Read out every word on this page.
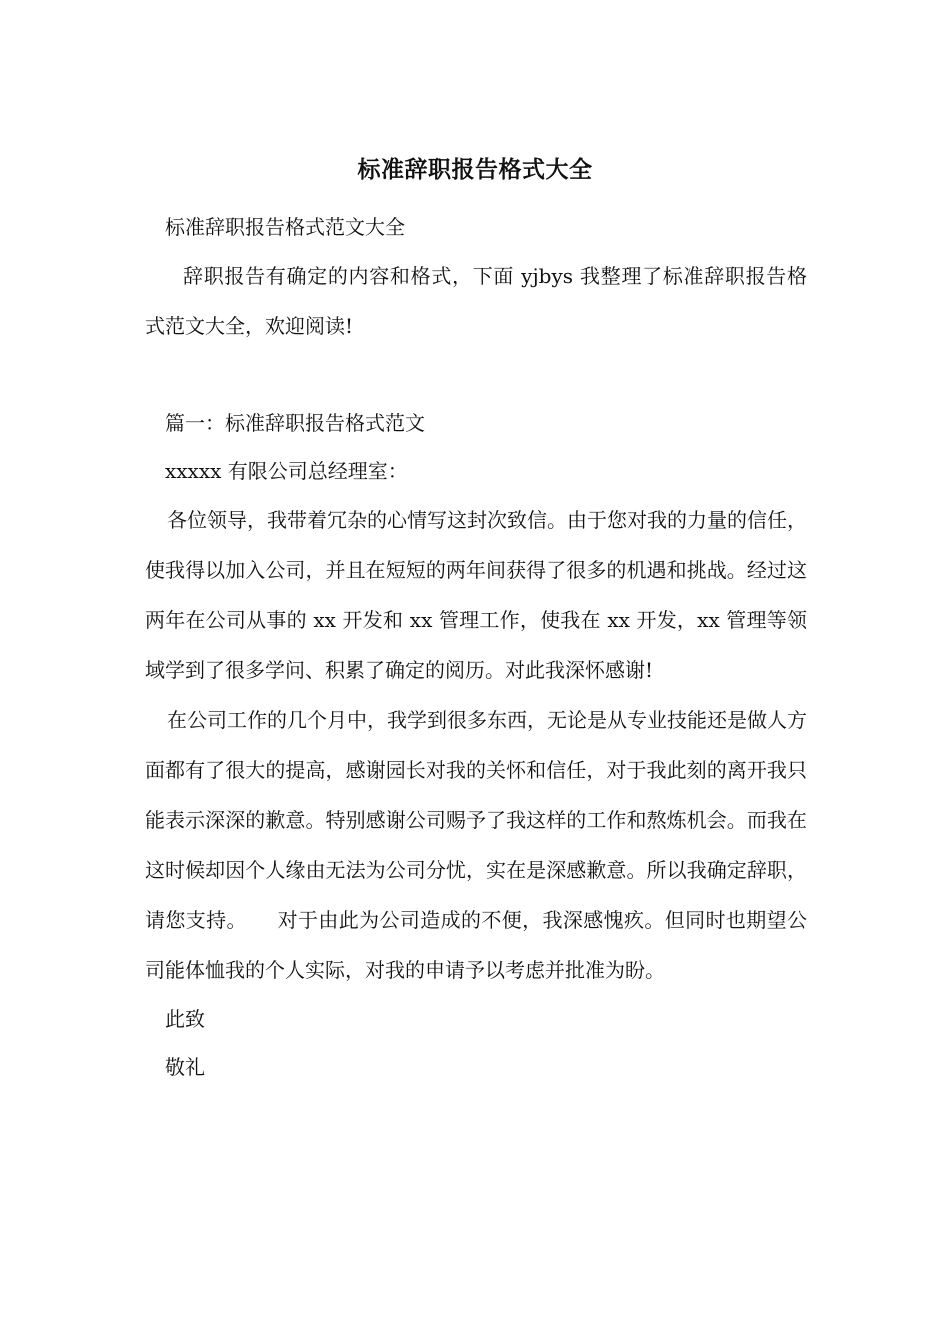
标准辞职报告格式大全
标准辞职报告格式范文大全

辞职报告有确定的内容和格式，下面 yjbys 我整理了标准辞职报告格式范文大全，欢迎阅读!

篇一：标准辞职报告格式范文
xxxxx 有限公司总经理室：

各位领导，我带着冗杂的心情写这封次致信。由于您对我的力量的信任，使我得以加入公司，并且在短短的两年间获得了很多的机遇和挑战。经过这两年在公司从事的 xx 开发和 xx 管理工作，使我在 xx 开发，xx 管理等领域学到了很多学问、积累了确定的阅历。对此我深怀感谢!

在公司工作的几个月中，我学到很多东西，无论是从专业技能还是做人方面都有了很大的提高，感谢园长对我的关怀和信任，对于我此刻的离开我只能表示深深的歉意。特别感谢公司赐予了我这样的工作和熬炼机会。而我在这时候却因个人缘由无法为公司分忧，实在是深感歉意。所以我确定辞职，请您支持。　　对于由此为公司造成的不便，我深感愧疚。但同时也期望公司能体恤我的个人实际，对我的申请予以考虑并批准为盼。

此致
敬礼
